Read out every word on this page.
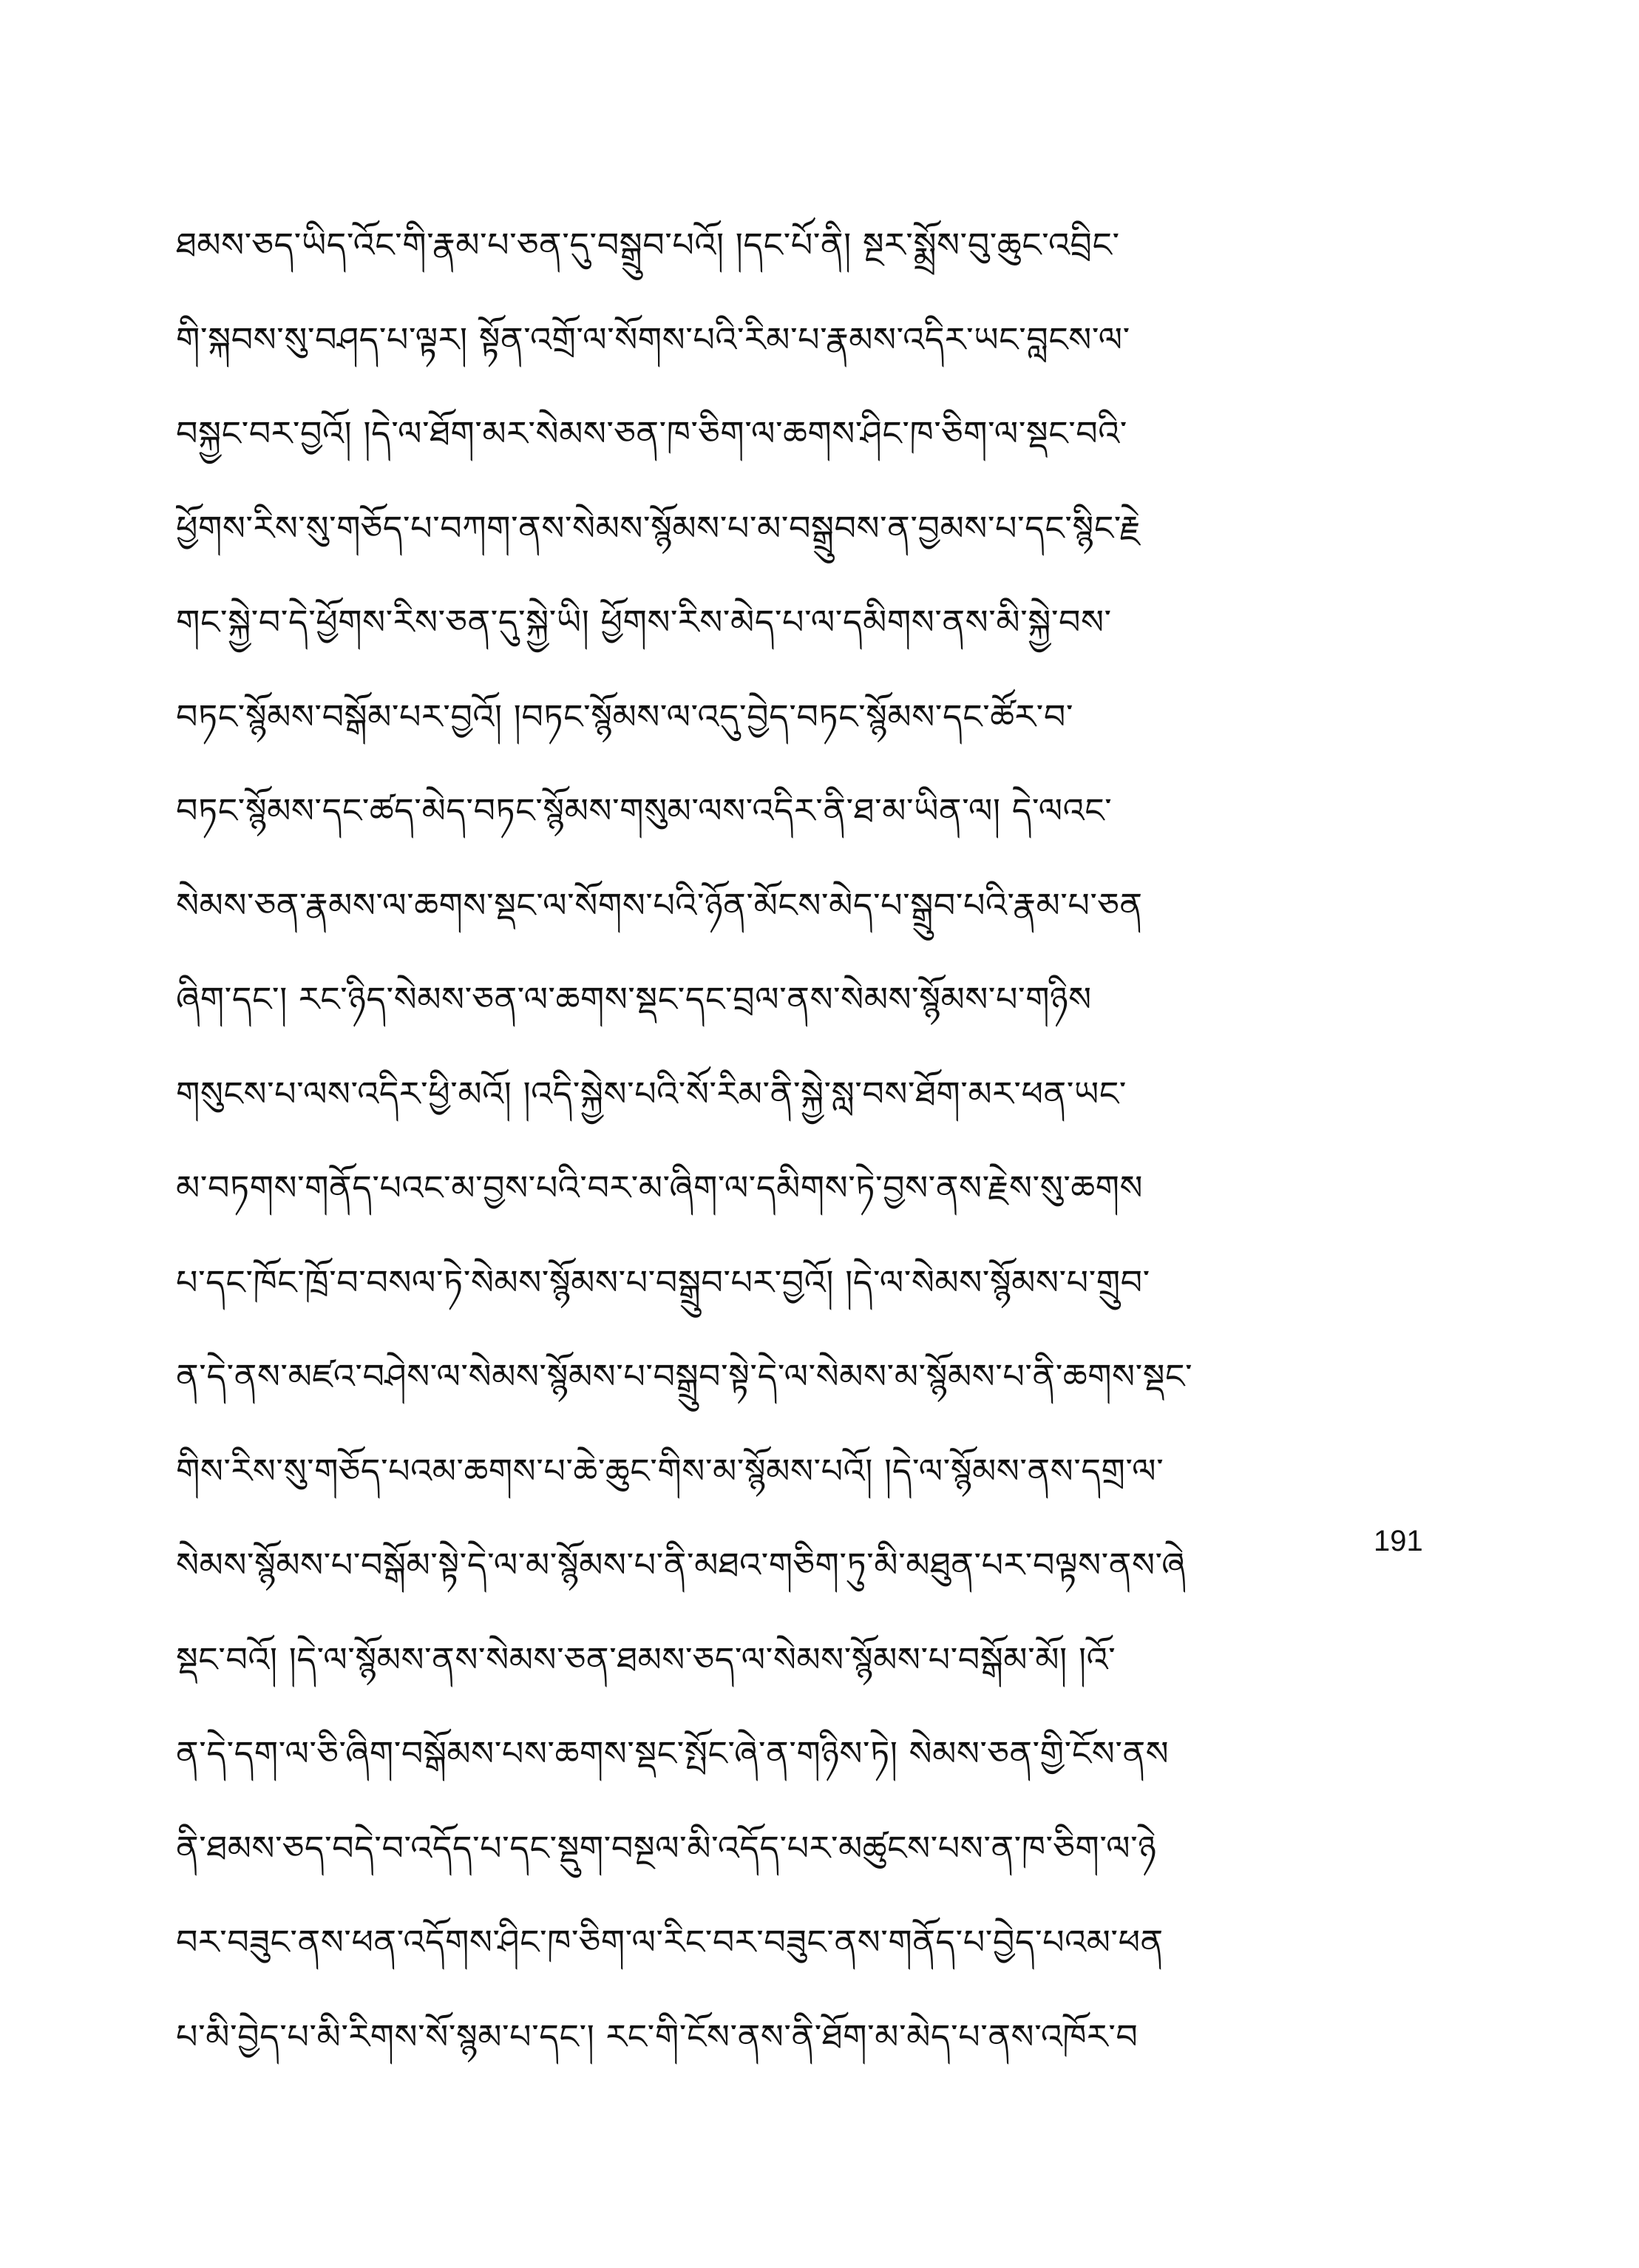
ཐམས་ཅད་ཡིད་འོང་གི་རྣམ་པ་ཅན་དུ་བསྒྲུབ་པའོ། །དང་པོ་ནི། སྔར་སྨྲོས་བུ་ཆུང་འབྲིང་
གི་སྐབས་སུ་བཤད་པ་ལྟར། སྟོན་འགྲོ་ལ་སོགས་པའི་རིམ་པ་རྣམས་འདིར་ཡང་བླངས་ལ་
བསྐྱང་བར་བྱའོ། །དེ་ལ་ཐོག་མར་སེམས་ཅན་ཁ་ཅིག་ལ་ཆགས་ཤིང་ཁ་ཅིག་ལ་སྡང་བའི་
ཕྱོགས་རིས་སུ་གཅོད་པ་བཀག་ནས་སེམས་སྙོམས་པ་མ་བསྒྲུབས་ན་བྱམས་པ་དང་སྙིང་རྗེ
གང་སྐྱེ་བ་དེ་ཕྱོགས་རིས་ཅན་དུ་སྐྱེ་ཡི། ཕྱོགས་རིས་མེད་པ་ལ་དམིགས་ནས་མི་སྐྱེ་བས་
བཏང་སྙོམས་བསྒོམ་པར་བྱའོ། །བཏང་སྙོམས་ལ་འདུ་བྱེད་བཏང་སྙོམས་དང་ཚོར་བ་
བཏང་སྙོམས་དང་ཚད་མེད་བཏང་སྙོམས་གསུམ་ལས་འདིར་ནི་ཐ་མ་ཡིན་ལ། དེ་ལའང་
སེམས་ཅན་རྣམས་ལ་ཆགས་སྡང་ལ་སོགས་པའི་ཉོན་མོངས་མེད་པ་སྒྲུབ་པའི་རྣམ་པ་ཅན
ཞིག་དང་། རང་ཉིད་སེམས་ཅན་ལ་ཆགས་སྡང་དང་བྲལ་ནས་སེམས་སྙོམས་པ་གཉིས
གསུངས་པ་ལས་འདིར་ཕྱི་མའོ། །འདི་སྐྱེས་པའི་སོ་རིམ་ནི་སྐྱེ་སླ་བས་ཐོག་མར་ཕན་ཡང་
མ་བཏགས་གནོད་པའང་མ་བྱས་པའི་བར་མ་ཞིག་ལ་དམིགས་ཏེ་བྱས་ནས་རྗེས་སུ་ཆགས
པ་དང་ཁོང་ཁྲོ་བ་བསལ་ཏེ་སེམས་སྙོམས་པ་བསྒྲུབ་པར་བྱའོ། །དེ་ལ་སེམས་སྙོམས་པ་གྲུབ་
ན་དེ་ནས་མཛའ་བཤེས་ལ་སེམས་སྙོམས་པ་བསྒྲུབ་སྟེ་དེ་ལ་སེམས་མ་སྙོམས་པ་ནི་ཆགས་སྡང་
གིས་རིས་སུ་གཅོད་པའམ་ཆགས་པ་ཆེ་ཆུང་གིས་མ་སྙོམས་པའོ། །དེ་ལ་སྙོམས་ནས་དགྲ་ལ་
སེམས་སྙོམས་པ་བསྒོམ་སྟེ་དེ་ལ་མ་སྙོམས་པ་ནི་མཐའ་གཅིག་ཏུ་མི་མཐུན་པར་བལྟས་ནས་ཞེ
སྡང་བའོ། །དེ་ལ་སྙོམས་ནས་སེམས་ཅན་ཐམས་ཅད་ལ་སེམས་སྙོམས་པ་བསྒོམ་མོ། །འོ་
ན་དེ་དག་ལ་ཅི་ཞིག་བསྒོམས་པས་ཆགས་སྡང་སྤོང་ཞེ་ན་གཉིས་ཏེ། སེམས་ཅན་གྱི་ངོས་ནས
ནི་ཐམས་ཅད་བདེ་བ་འདོད་པ་དང་སྡུག་བསྔལ་མི་འདོད་པར་མཚུངས་པས་ན་ཁ་ཅིག་ལ་ཉེ
བར་བཟུང་ནས་ཕན་འདོགས་ཤིང་ཁ་ཅིག་ལ་རིང་བར་བཟུང་ནས་གནོད་པ་བྱེད་པའམ་ཕན
པ་མི་བྱེད་པ་མི་རིགས་སོ་སྙམ་པ་དང་། རང་གི་ངོས་ནས་ནི་ཐོག་མ་མེད་པ་ནས་འཁོར་བ
191
